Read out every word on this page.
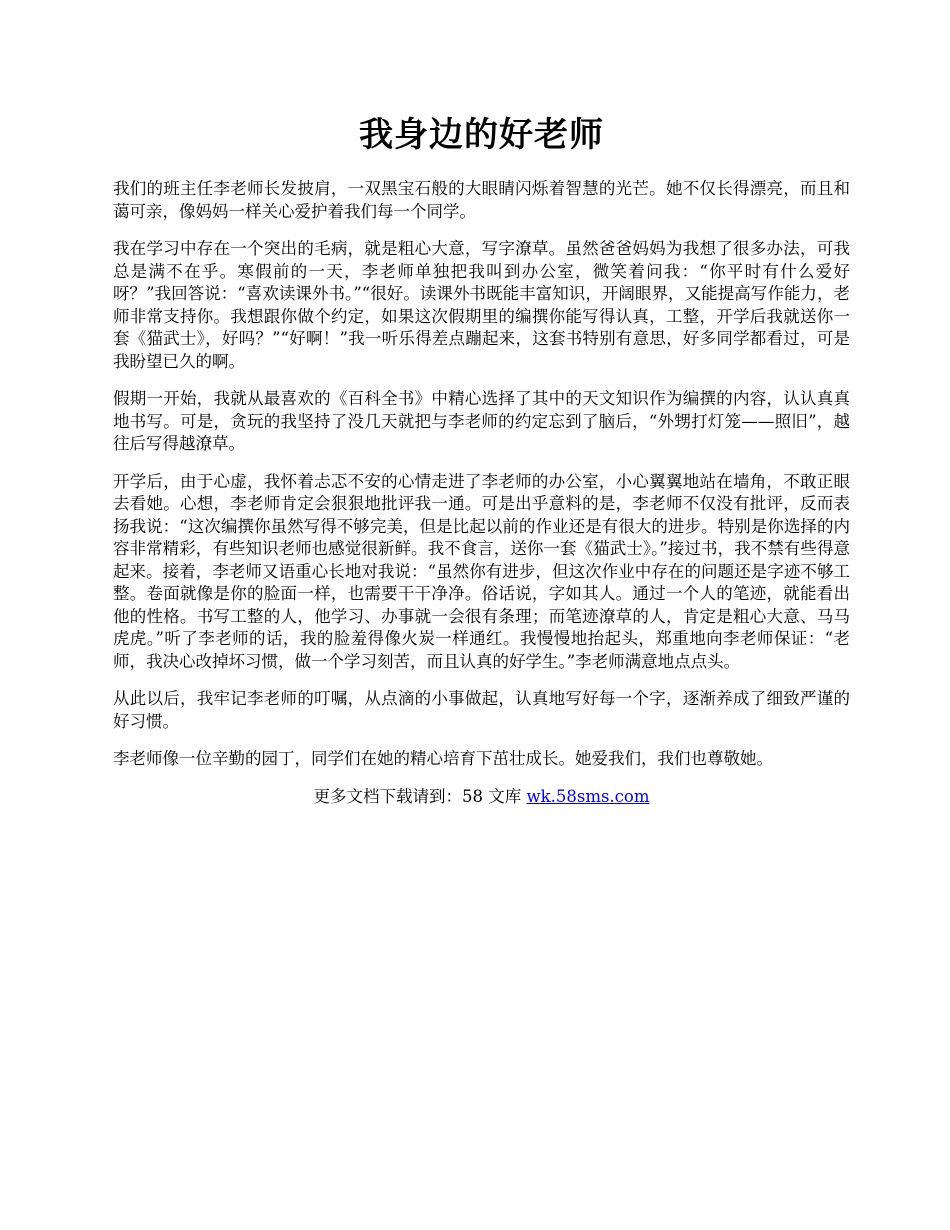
我身边的好老师

我们的班主任李老师长发披肩，一双黑宝石般的大眼睛闪烁着智慧的光芒。她不仅长得漂亮，而且和蔼可亲，像妈妈一样关心爱护着我们每一个同学。

我在学习中存在一个突出的毛病，就是粗心大意，写字潦草。虽然爸爸妈妈为我想了很多办法，可我总是满不在乎。寒假前的一天，李老师单独把我叫到办公室，微笑着问我：“你平时有什么爱好呀？”我回答说：“喜欢读课外书。”“很好。读课外书既能丰富知识，开阔眼界，又能提高写作能力，老师非常支持你。我想跟你做个约定，如果这次假期里的编撰你能写得认真，工整，开学后我就送你一套《猫武士》，好吗？”“好啊！”我一听乐得差点蹦起来，这套书特别有意思，好多同学都看过，可是我盼望已久的啊。

假期一开始，我就从最喜欢的《百科全书》中精心选择了其中的天文知识作为编撰的内容，认认真真地书写。可是，贪玩的我坚持了没几天就把与李老师的约定忘到了脑后，“外甥打灯笼——照旧”，越往后写得越潦草。

开学后，由于心虚，我怀着忐忑不安的心情走进了李老师的办公室，小心翼翼地站在墙角，不敢正眼去看她。心想，李老师肯定会狠狠地批评我一通。可是出乎意料的是，李老师不仅没有批评，反而表扬我说：“这次编撰你虽然写得不够完美，但是比起以前的作业还是有很大的进步。特别是你选择的内容非常精彩，有些知识老师也感觉很新鲜。我不食言，送你一套《猫武士》。”接过书，我不禁有些得意起来。接着，李老师又语重心长地对我说：“虽然你有进步，但这次作业中存在的问题还是字迹不够工整。卷面就像是你的脸面一样，也需要干干净净。俗话说，字如其人。通过一个人的笔迹，就能看出他的性格。书写工整的人，他学习、办事就一会很有条理；而笔迹潦草的人，肯定是粗心大意、马马虎虎。”听了李老师的话，我的脸羞得像火炭一样通红。我慢慢地抬起头，郑重地向李老师保证：“老师，我决心改掉坏习惯，做一个学习刻苦，而且认真的好学生。”李老师满意地点点头。

从此以后，我牢记李老师的叮嘱，从点滴的小事做起，认真地写好每一个字，逐渐养成了细致严谨的好习惯。

李老师像一位辛勤的园丁，同学们在她的精心培育下茁壮成长。她爱我们，我们也尊敬她。

更多文档下载请到：58 文库 wk.58sms.com
